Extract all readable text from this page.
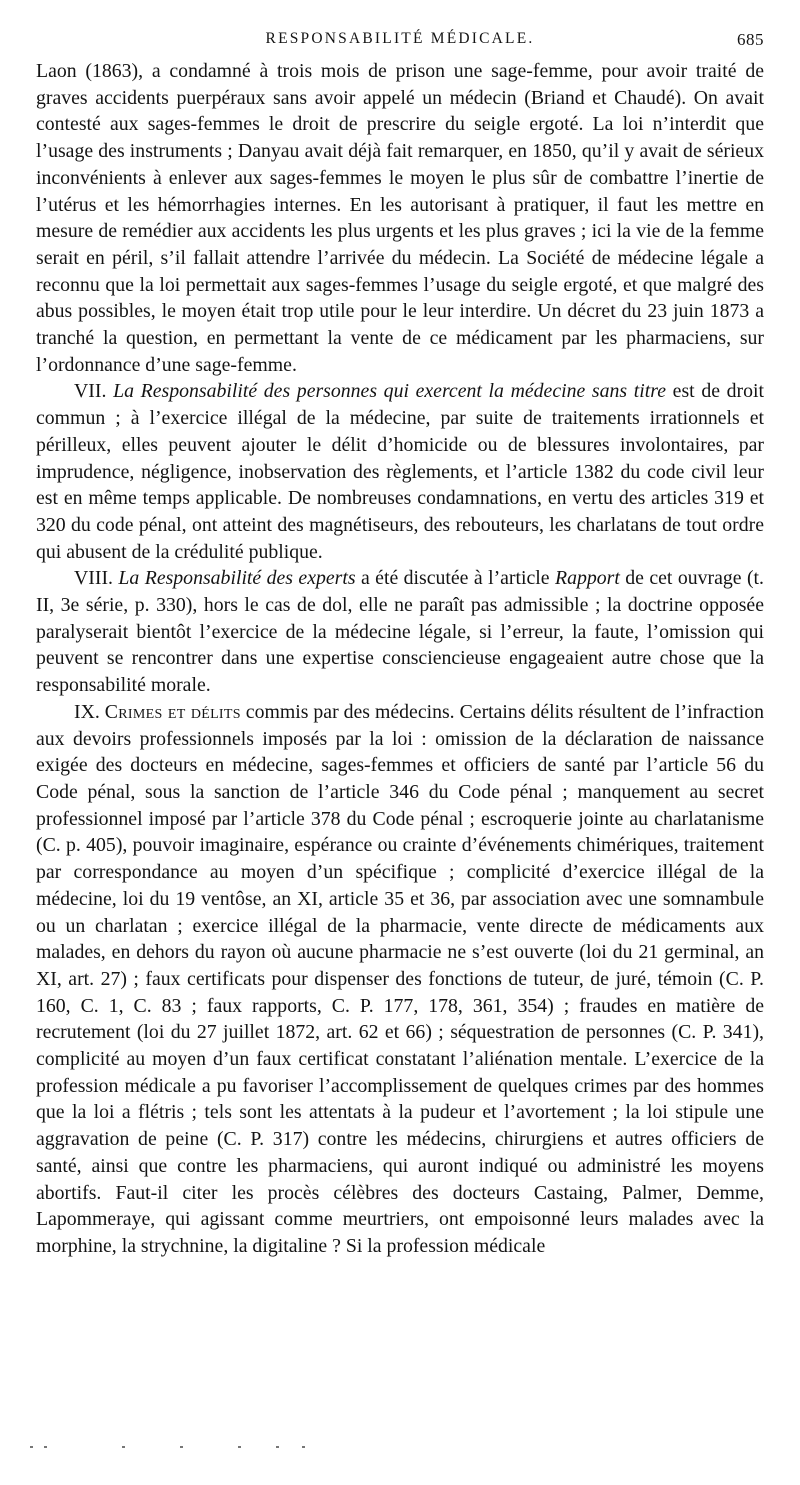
RESPONSABILITÉ MÉDICALE.	685

Laon (1863), a condamné à trois mois de prison une sage-femme, pour avoir traité de graves accidents puerpéraux sans avoir appelé un médecin (Briand et Chaudé). On avait contesté aux sages-femmes le droit de prescrire du seigle ergoté. La loi n’interdit que l’usage des instruments ; Danyau avait déjà fait remarquer, en 1850, qu’il y avait de sérieux inconvénients à enlever aux sages-femmes le moyen le plus sûr de combattre l’inertie de l’utérus et les hémorrhagies internes. En les autorisant à pratiquer, il faut les mettre en mesure de remédier aux accidents les plus urgents et les plus graves ; ici la vie de la femme serait en péril, s’il fallait attendre l’arrivée du médecin. La Société de médecine légale a reconnu que la loi permettait aux sages-femmes l’usage du seigle ergoté, et que malgré des abus possibles, le moyen était trop utile pour le leur interdire. Un décret du 23 juin 1873 a tranché la question, en permettant la vente de ce médicament par les pharmaciens, sur l’ordonnance d’une sage-femme.

VII. La Responsabilité des personnes qui exercent la médecine sans titre est de droit commun ; à l’exercice illégal de la médecine, par suite de traitements irrationnels et périlleux, elles peuvent ajouter le délit d’homicide ou de blessures involontaires, par imprudence, négligence, inobservation des règlements, et l’article 1382 du code civil leur est en même temps applicable. De nombreuses condamnations, en vertu des articles 319 et 320 du code pénal, ont atteint des magnétiseurs, des rebouteurs, les charlatans de tout ordre qui abusent de la crédulité publique.

VIII. La Responsabilité des experts a été discutée à l’article Rapport de cet ouvrage (t. II, 3e série, p. 330), hors le cas de dol, elle ne paraît pas admissible ; la doctrine opposée paralyserait bientôt l’exercice de la médecine légale, si l’erreur, la faute, l’omission qui peuvent se rencontrer dans une expertise consciencieuse engageaient autre chose que la responsabilité morale.

IX. Crimes et délits commis par des médecins. Certains délits résultent de l’infraction aux devoirs professionnels imposés par la loi : omission de la déclaration de naissance exigée des docteurs en médecine, sages-femmes et officiers de santé par l’article 56 du Code pénal, sous la sanction de l’article 346 du Code pénal ; manquement au secret professionnel imposé par l’article 378 du Code pénal ; escroquerie jointe au charlatanisme (C. p. 405), pouvoir imaginaire, espérance ou crainte d’événements chimériques, traitement par correspondance au moyen d’un spécifique ; complicité d’exercice illégal de la médecine, loi du 19 ventôse, an XI, article 35 et 36, par association avec une somnambule ou un charlatan ; exercice illégal de la pharmacie, vente directe de médicaments aux malades, en dehors du rayon où aucune pharmacie ne s’est ouverte (loi du 21 germinal, an XI, art. 27) ; faux certificats pour dispenser des fonctions de tuteur, de juré, témoin (C. P. 160, C. 1, C. 83 ; faux rapports, C. P. 177, 178, 361, 354) ; fraudes en matière de recrutement (loi du 27 juillet 1872, art. 62 et 66) ; séquestration de personnes (C. P. 341), complicité au moyen d’un faux certificat constatant l’aliénation mentale. L’exercice de la profession médicale a pu favoriser l’accomplissement de quelques crimes par des hommes que la loi a flétris ; tels sont les attentats à la pudeur et l’avortement ; la loi stipule une aggravation de peine (C. P. 317) contre les médecins, chirurgiens et autres officiers de santé, ainsi que contre les pharmaciens, qui auront indiqué ou administré les moyens abortifs. Faut-il citer les procès célèbres des docteurs Castaing, Palmer, Demme, Lapommeraye, qui agissant comme meurtriers, ont empoisonné leurs malades avec la morphine, la strychnine, la digitaline ? Si la profession médicale
